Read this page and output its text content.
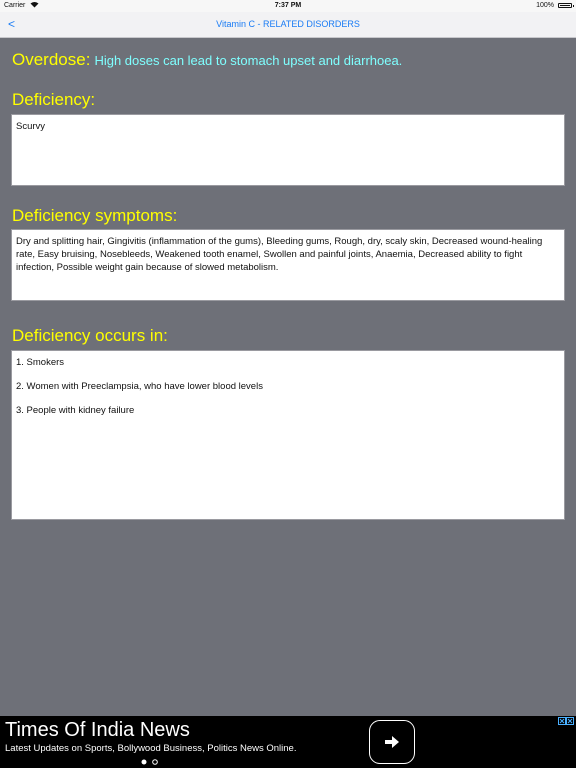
Carrier	7:37 PM	100%
<	Vitamin C - RELATED DISORDERS
Overdose: High doses can lead to stomach upset and diarrhoea.
Deficiency:
Scurvy
Deficiency symptoms:
Dry and splitting hair, Gingivitis (inflammation of the gums), Bleeding gums, Rough, dry, scaly skin, Decreased wound-healing rate, Easy bruising, Nosebleeds, Weakened tooth enamel, Swollen and painful joints, Anaemia, Decreased ability to fight infection, Possible weight gain because of slowed metabolism.
Deficiency occurs in:
1. Smokers
2. Women with Preeclampsia, who have lower blood levels
3. People with kidney failure
Times Of India News
Latest Updates on Sports, Bollywood Business, Politics News Online.
